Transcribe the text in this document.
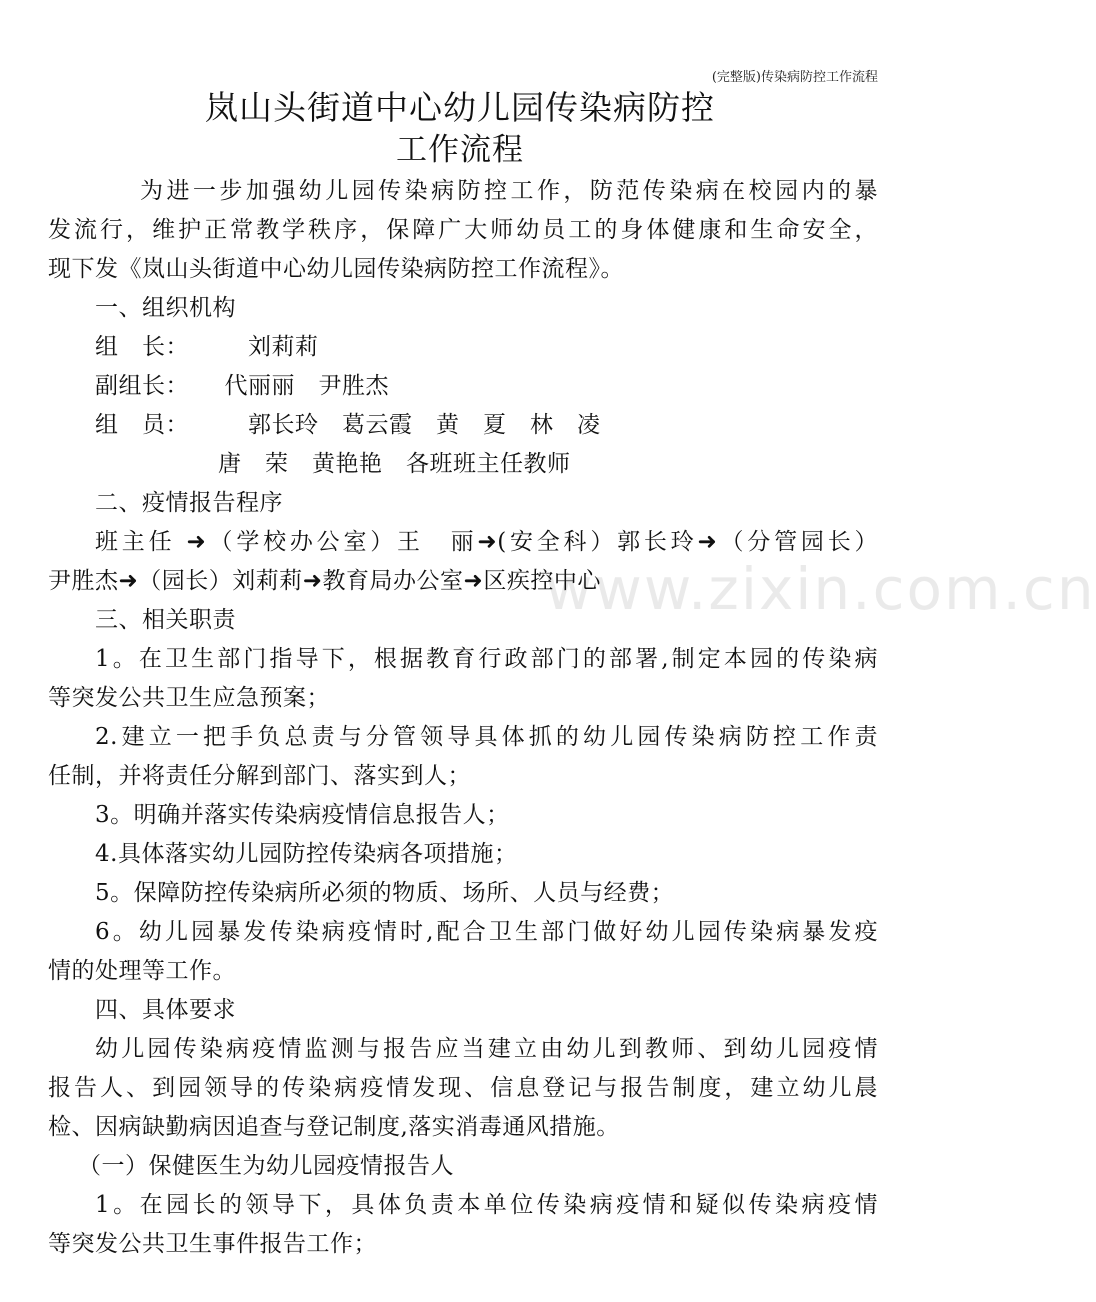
(完整版)传染病防控工作流程
岚山头街道中心幼儿园传染病防控
工作流程
www.zixin.com.cn
为进一步加强幼儿园传染病防控工作，防范传染病在校园内的暴
发流行，维护正常教学秩序，保障广大师幼员工的身体健康和生命安全，
现下发《岚山头街道中心幼儿园传染病防控工作流程》。
一、组织机构
组　长：　　　刘莉莉
副组长：　　代丽丽　尹胜杰
组　员：　　　郭长玲　葛云霞　黄　夏　林　凌
唐　荣　黄艳艳　各班班主任教师
二、疫情报告程序
班主任 ➜（学校办公室）王　丽➜(安全科）郭长玲➜（分管园长）
尹胜杰➜（园长）刘莉莉➜教育局办公室➜区疾控中心
三、相关职责
1。在卫生部门指导下，根据教育行政部门的部署,制定本园的传染病
等突发公共卫生应急预案；
2.建立一把手负总责与分管领导具体抓的幼儿园传染病防控工作责
任制，并将责任分解到部门、落实到人；
3。明确并落实传染病疫情信息报告人；
4.具体落实幼儿园防控传染病各项措施；
5。保障防控传染病所必须的物质、场所、人员与经费；
6。幼儿园暴发传染病疫情时,配合卫生部门做好幼儿园传染病暴发疫
情的处理等工作。
四、具体要求
幼儿园传染病疫情监测与报告应当建立由幼儿到教师、到幼儿园疫情
报告人、到园领导的传染病疫情发现、信息登记与报告制度，建立幼儿晨
检、因病缺勤病因追查与登记制度,落实消毒通风措施。
（一）保健医生为幼儿园疫情报告人
1。在园长的领导下，具体负责本单位传染病疫情和疑似传染病疫情
等突发公共卫生事件报告工作；
